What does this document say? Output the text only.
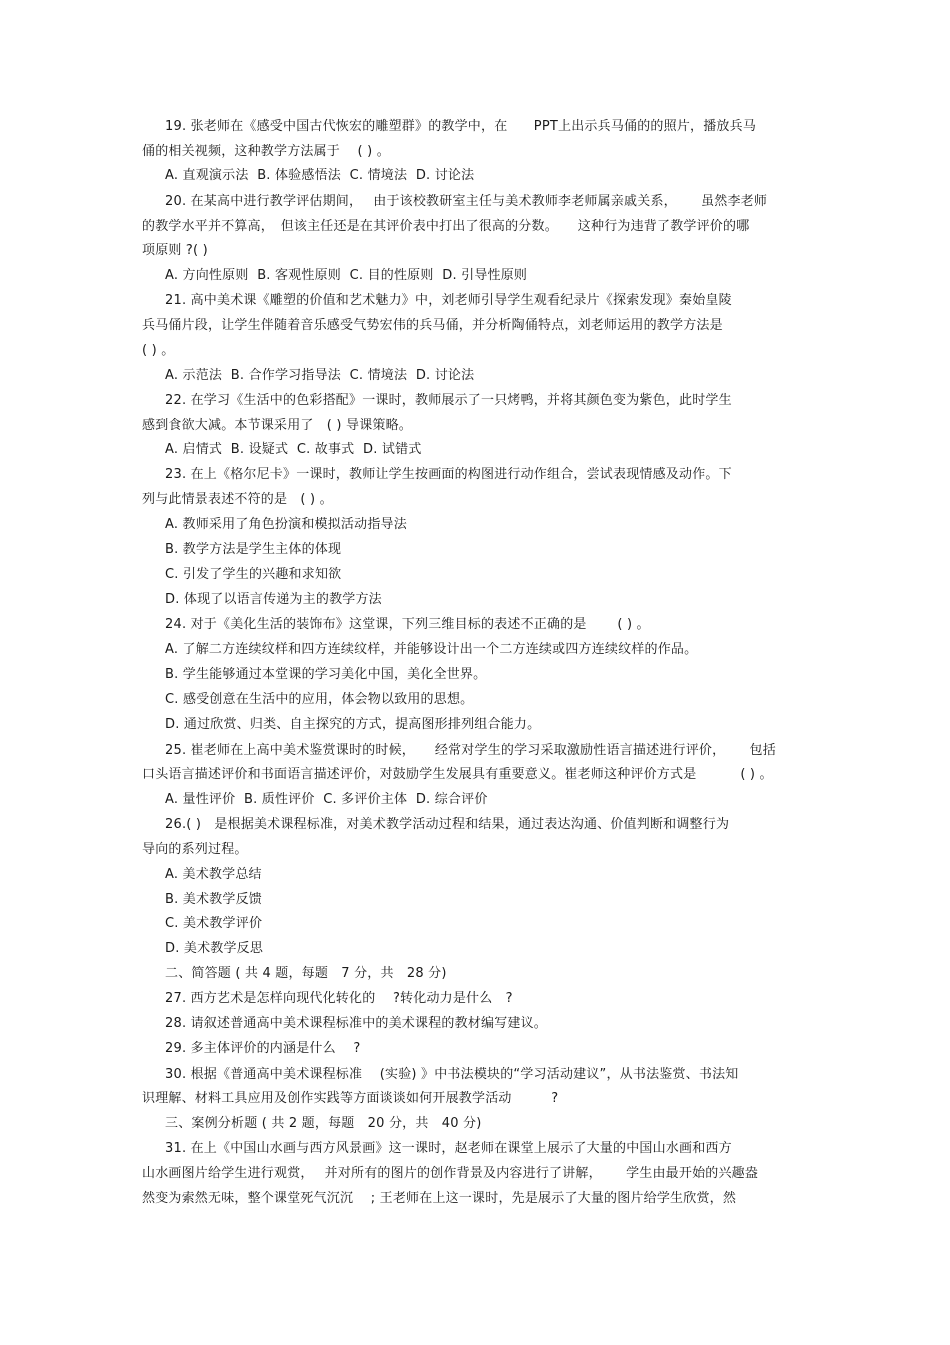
19. 张老师在《感受中国古代恢宏的雕塑群》的教学中，在　　PPT上出示兵马俑的的照片，播放兵马
俑的相关视频，这种教学方法属于　 ( ) 。
A. 直观演示法  B. 体验感悟法  C. 情境法  D. 讨论法
20. 在某高中进行教学评估期间，　 由于该校教研室主任与美术教师李老师属亲戚关系，　　 虽然李老师
的教学水平并不算高，　但该主任还是在其评价表中打出了很高的分数。　　这种行为违背了教学评价的哪
项原则 ?( )
A. 方向性原则  B. 客观性原则  C. 目的性原则  D. 引导性原则
21. 高中美术课《雕塑的价值和艺术魅力》中，刘老师引导学生观看纪录片《探索发现》秦始皇陵
兵马俑片段，让学生伴随着音乐感受气势宏伟的兵马俑，并分析陶俑特点，刘老师运用的教学方法是
( ) 。
A. 示范法  B. 合作学习指导法  C. 情境法  D. 讨论法
22. 在学习《生活中的色彩搭配》一课时，教师展示了一只烤鸭，并将其颜色变为紫色，此时学生
感到食欲大减。本节课采用了　( ) 导课策略。
A. 启情式  B. 设疑式  C. 故事式  D. 试错式
23. 在上《格尔尼卡》一课时，教师让学生按画面的构图进行动作组合，尝试表现情感及动作。下
列与此情景表述不符的是　( ) 。
A. 教师采用了角色扮演和模拟活动指导法
B. 教学方法是学生主体的体现
C. 引发了学生的兴趣和求知欲
D. 体现了以语言传递为主的教学方法
24. 对于《美化生活的装饰布》这堂课，下列三维目标的表述不正确的是　　 ( ) 。
A. 了解二方连续纹样和四方连续纹样，并能够设计出一个二方连续或四方连续纹样的作品。
B. 学生能够通过本堂课的学习美化中国，美化全世界。
C. 感受创意在生活中的应用，体会物以致用的思想。
D. 通过欣赏、归类、自主探究的方式，提高图形排列组合能力。
25. 崔老师在上高中美术鉴赏课时的时候，　　经常对学生的学习采取激励性语言描述进行评价，　　 包括
口头语言描述评价和书面语言描述评价，对鼓励学生发展具有重要意义。崔老师这种评价方式是　　　 ( ) 。
A. 量性评价  B. 质性评价  C. 多评价主体  D. 综合评价
26.( )　是根据美术课程标准，对美术教学活动过程和结果，通过表达沟通、价值判断和调整行为
导向的系列过程。
A. 美术教学总结
B. 美术教学反馈
C. 美术教学评价
D. 美术教学反思
二、简答题 ( 共 4 题，每题　7 分，共　28 分)
27. 西方艺术是怎样向现代化转化的　 ?转化动力是什么　?
28. 请叙述普通高中美术课程标准中的美术课程的教材编写建议。
29. 多主体评价的内涵是什么　 ?
30. 根据《普通高中美术课程标准　 (实验) 》中书法模块的“学习活动建议”，从书法鉴赏、书法知
识理解、材料工具应用及创作实践等方面谈谈如何开展教学活动　　　?
三、案例分析题 ( 共 2 题，每题　20 分，共　40 分)
31. 在上《中国山水画与西方风景画》这一课时，赵老师在课堂上展示了大量的中国山水画和西方
山水画图片给学生进行观赏，　 并对所有的图片的创作背景及内容进行了讲解，　　 学生由最开始的兴趣盎
然变为索然无味，整个课堂死气沉沉　 ; 王老师在上这一课时，先是展示了大量的图片给学生欣赏，然
